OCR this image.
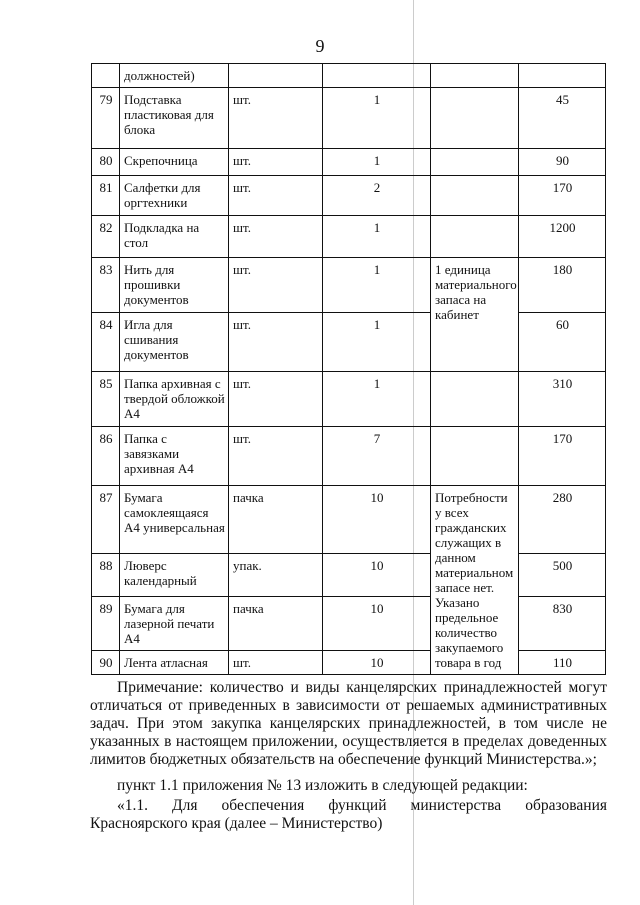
9
	должностей)				
79	Подставка пластиковая для блока	шт.	1		45
80	Скрепочница	шт.	1		90
81	Салфетки для оргтехники	шт.	2		170
82	Подкладка на стол	шт.	1		1200
83	Нить для прошивки документов	шт.	1	1 единица материального запаса на кабинет	180
84	Игла для сшивания документов	шт.	1		60
85	Папка архивная с твердой обложкой А4	шт.	1		310
86	Папка с завязками архивная А4	шт.	7		170
87	Бумага самоклеящаяся А4 универсальная	пачка	10	Потребности у всех гражданских служащих в данном материальном запасе нет. Указано предельное количество закупаемого товара в год	280
88	Люверс календарный	упак.	10		500
89	Бумага для лазерной печати А4	пачка	10		830
90	Лента атласная	шт.	10		110
Примечание: количество и виды канцелярских принадлежностей могут отличаться от приведенных в зависимости от решаемых административных задач. При этом закупка канцелярских принадлежностей, в том числе не указанных в настоящем приложении, осуществляется в пределах доведенных лимитов бюджетных обязательств на обеспечение функций Министерства.»;
пункт 1.1 приложения № 13 изложить в следующей редакции:
«1.1. Для обеспечения функций министерства образования Красноярского края (далее – Министерство)
